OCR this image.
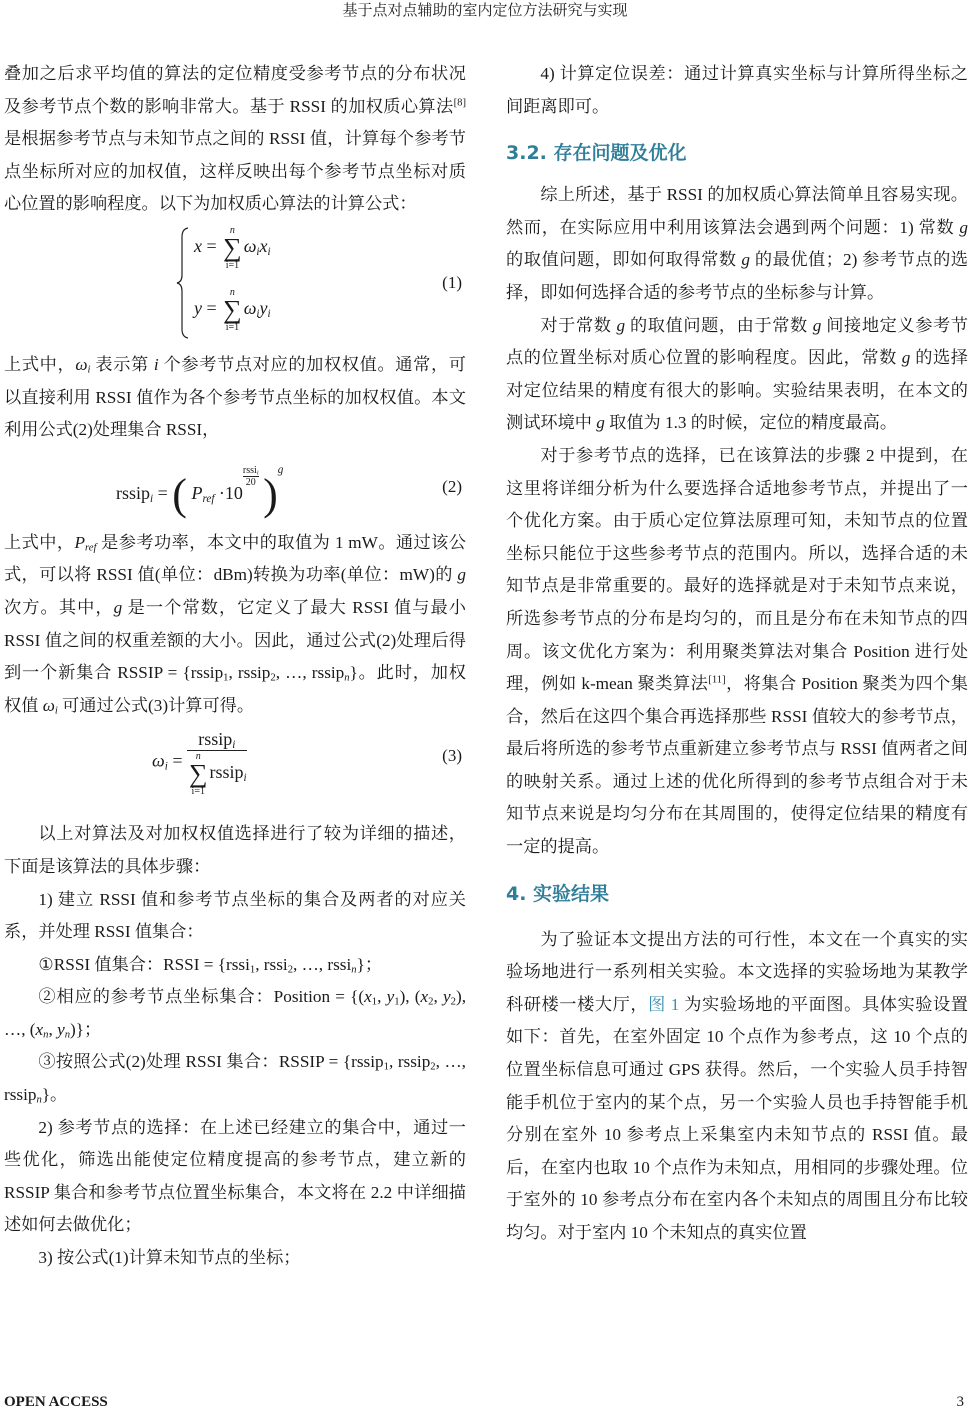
基于点对点辅助的室内定位方法研究与实现

叠加之后求平均值的算法的定位精度受参考节点的分布状况及参考节点个数的影响非常大。基于 RSSI 的加权质心算法[8]是根据参考节点与未知节点之间的 RSSI 值，计算每个参考节点坐标所对应的加权值，这样反映出每个参考节点坐标对质心位置的影响程度。以下为加权质心算法的计算公式：

x =
n
∑
i=1
$\omega_ix_i$
y =
n
∑
i=1
$\omega_iy_i$
(1)

上式中，$\omega_i$ 表示第 i 个参考节点对应的加权权值。通常，可以直接利用 RSSI 值作为各个参考节点坐标的加权权值。本文利用公式(2)处理集合 RSSI，

rssip$_i$ = ( $P_{ref} \cdot 10$
rssi$_i$
20 )$^g$
(2)

上式中，$P_{ref}$ 是参考功率，本文中的取值为 1 mW。通过该公式，可以将 RSSI 值(单位：dBm)转换为功率(单位：mW)的 g 次方。其中，g 是一个常数，它定义了最大 RSSI 值与最小 RSSI 值之间的权重差额的大小。因此，通过公式(2)处理后得到一个新集合 RSSIP = {rssip$_1$, rssip$_2$, …, rssip$_n$}。此时，加权权值 $\omega_i$ 可通过公式(3)计算可得。

$\omega_i$ = rssip$_i$
n
∑
i=1
rssip$_i$	(3)

以上对算法及对加权权值选择进行了较为详细的描述，下面是该算法的具体步骤：

1) 建立 RSSI 值和参考节点坐标的集合及两者的对应关系，并处理 RSSI 值集合：

①RSSI 值集合：RSSI = {rssi$_1$, rssi$_2$, …, rssi$_n$}；

②相应的参考节点坐标集合：Position = {($x_1$, $y_1$), ($x_2$, $y_2$), …, ($x_n$, $y_n$)}；

③按照公式(2)处理 RSSI 集合：RSSIP = {rssip$_1$, rssip$_2$, …, rssip$_n$}。

2) 参考节点的选择：在上述已经建立的集合中，通过一些优化，筛选出能使定位精度提高的参考节点，建立新的 RSSIP 集合和参考节点位置坐标集合，本文将在 2.2 中详细描述如何去做优化；

3) 按公式(1)计算未知节点的坐标；

4) 计算定位误差：通过计算真实坐标与计算所得坐标之间距离即可。

3.2. 存在问题及优化

综上所述，基于 RSSI 的加权质心算法简单且容易实现。然而，在实际应用中利用该算法会遇到两个问题：1) 常数 g 的取值问题，即如何取得常数 g 的最优值；2) 参考节点的选择，即如何选择合适的参考节点的坐标参与计算。

对于常数 g 的取值问题，由于常数 g 间接地定义参考节点的位置坐标对质心位置的影响程度。因此，常数 g 的选择对定位结果的精度有很大的影响。实验结果表明，在本文的测试环境中 g 取值为 1.3 的时候，定位的精度最高。

对于参考节点的选择，已在该算法的步骤 2 中提到，在这里将详细分析为什么要选择合适地参考节点，并提出了一个优化方案。由于质心定位算法原理可知，未知节点的位置坐标只能位于这些参考节点的范围内。所以，选择合适的未知节点是非常重要的。最好的选择就是对于未知节点来说，所选参考节点的分布是均匀的，而且是分布在未知节点的四周。该文优化方案为：利用聚类算法对集合 Position 进行处理，例如 k-mean 聚类算法[11]，将集合 Position 聚类为四个集合，然后在这四个集合再选择那些 RSSI 值较大的参考节点，最后将所选的参考节点重新建立参考节点与 RSSI 值两者之间的映射关系。通过上述的优化所得到的参考节点组合对于未知节点来说是均匀分布在其周围的，使得定位结果的精度有一定的提高。

4. 实验结果

为了验证本文提出方法的可行性，本文在一个真实的实验场地进行一系列相关实验。本文选择的实验场地为某教学科研楼一楼大厅，图 1 为实验场地的平面图。具体实验设置如下：首先，在室外固定 10 个点作为参考点，这 10 个点的位置坐标信息可通过 GPS 获得。然后，一个实验人员手持智能手机位于室内的某个点，另一个实验人员也手持智能手机分别在室外 10 参考点上采集室内未知节点的 RSSI 值。最后，在室内也取 10 个点作为未知点，用相同的步骤处理。位于室外的 10 参考点分布在室内各个未知点的周围且分布比较均匀。对于室内 10 个未知点的真实位置

OPEN ACCESS	3
